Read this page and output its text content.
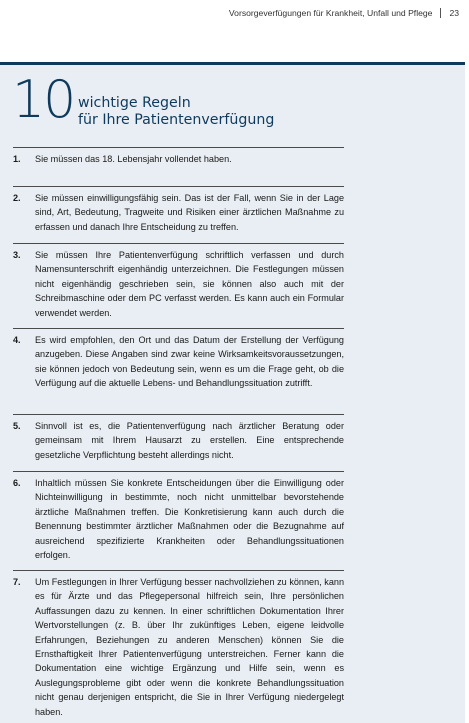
Vorsorgeverfügungen für Krankheit, Unfall und Pflege 23
10 wichtige Regeln
für Ihre Patientenverfügung
1.	Sie müssen das 18. Lebensjahr vollendet haben.
2.	Sie müssen einwilligungsfähig sein. Das ist der Fall, wenn Sie in der Lage sind, Art, Bedeutung, Tragweite und Risiken einer ärztlichen Maßnahme zu erfassen und danach Ihre Entscheidung zu treffen.
3.	Sie müssen Ihre Patientenverfügung schriftlich verfassen und durch Namensunterschrift eigenhändig unterzeichnen. Die Festlegungen müssen nicht eigenhändig geschrieben sein, sie können also auch mit der Schreibmaschine oder dem PC verfasst werden. Es kann auch ein Formular verwendet werden.
4.	Es wird empfohlen, den Ort und das Datum der Erstellung der Verfügung anzugeben. Diese Angaben sind zwar keine Wirksamkeitsvoraussetzungen, sie können jedoch von Bedeutung sein, wenn es um die Frage geht, ob die Verfügung auf die aktuelle Lebens- und Behandlungssituation zutrifft.
5.	Sinnvoll ist es, die Patientenverfügung nach ärztlicher Beratung oder gemeinsam mit Ihrem Hausarzt zu erstellen. Eine entsprechende gesetzliche Verpflichtung besteht allerdings nicht.
6.	Inhaltlich müssen Sie konkrete Entscheidungen über die Einwilligung oder Nichteinwilligung in bestimmte, noch nicht unmittelbar bevorstehende ärztliche Maßnahmen treffen. Die Konkretisierung kann auch durch die Benennung bestimmter ärztlicher Maßnahmen oder die Bezugnahme auf ausreichend spezifizierte Krankheiten oder Behandlungssituationen erfolgen.
7.	Um Festlegungen in Ihrer Verfügung besser nachvollziehen zu können, kann es für Ärzte und das Pflegepersonal hilfreich sein, Ihre persönlichen Auffassungen dazu zu kennen. In einer schriftlichen Dokumentation Ihrer Wertvorstellungen (z. B. über Ihr zukünftiges Leben, eigene leidvolle Erfahrungen, Beziehungen zu anderen Menschen) können Sie die Ernsthaftigkeit Ihrer Patientenverfügung unterstreichen. Ferner kann die Dokumentation eine wichtige Ergänzung und Hilfe sein, wenn es Auslegungsprobleme gibt oder wenn die konkrete Behandlungssituation nicht genau derjenigen entspricht, die Sie in Ihrer Verfügung niedergelegt haben.
